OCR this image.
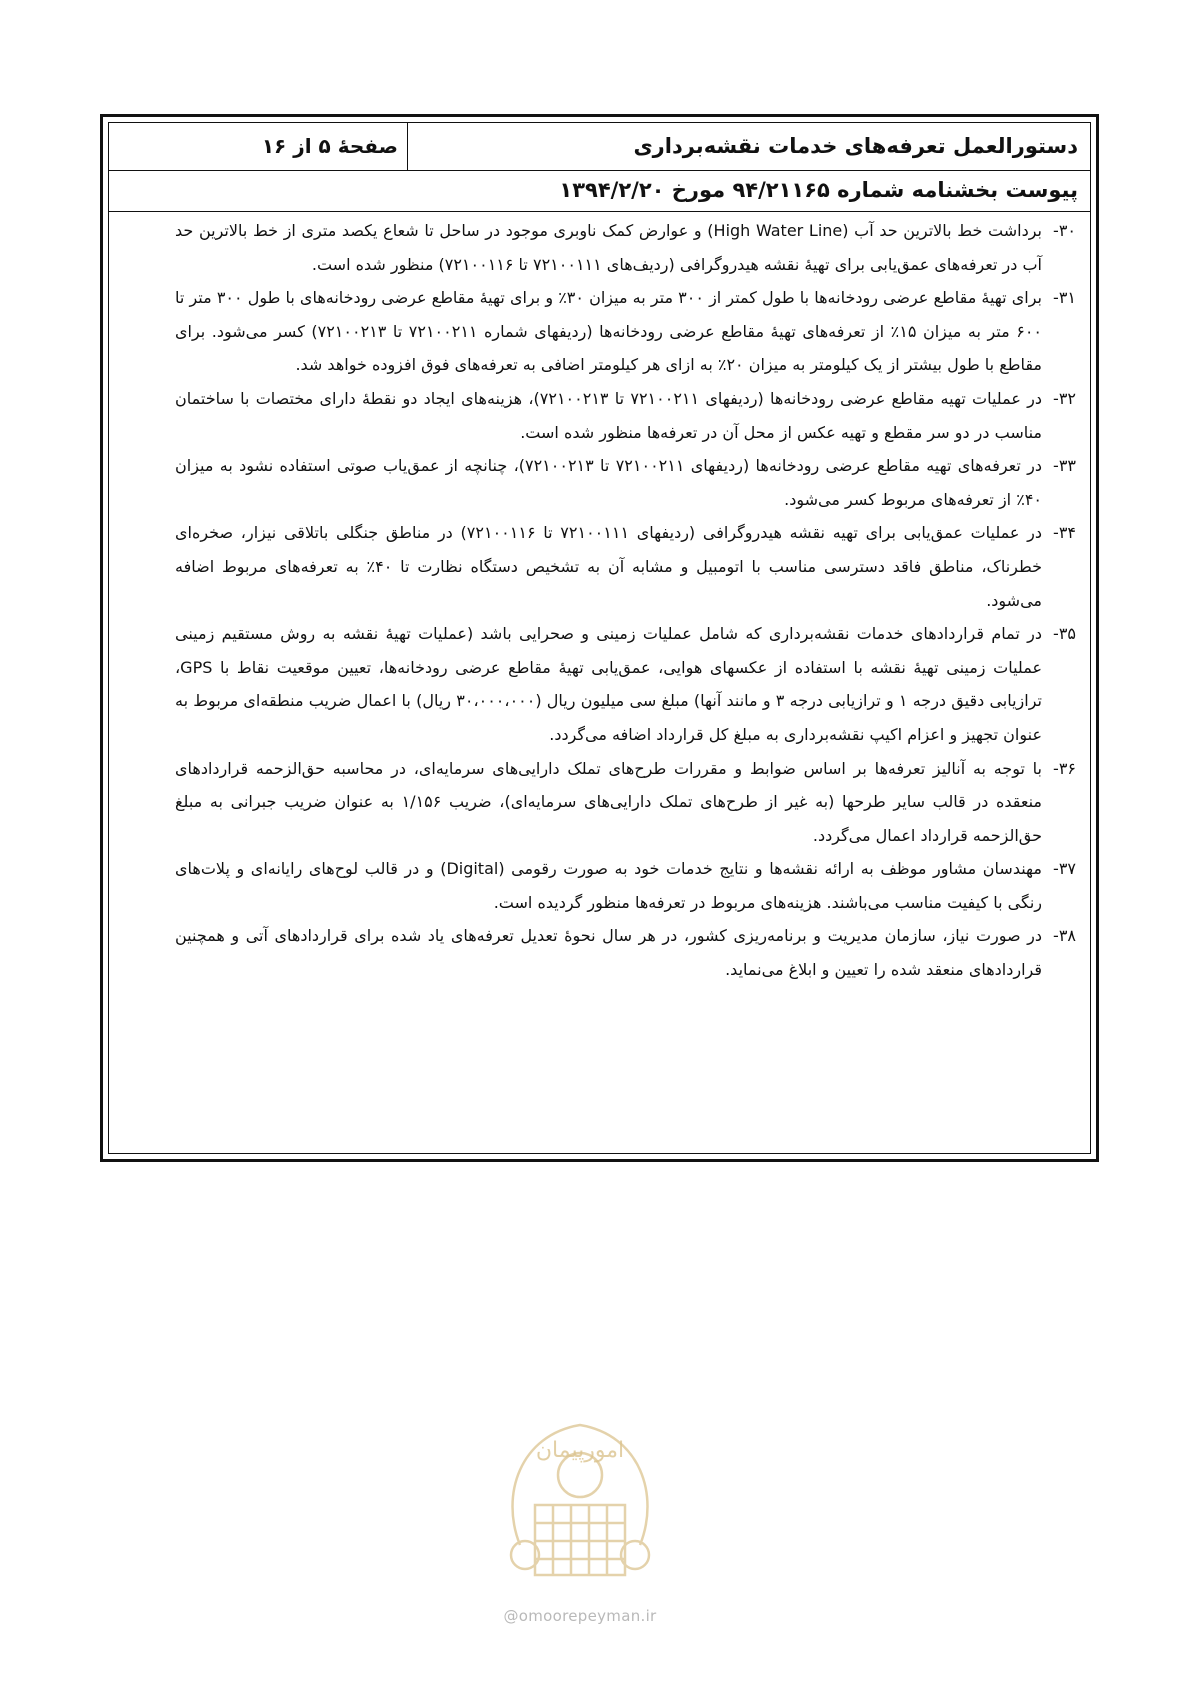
دستورالعمل تعرفه‌های خدمات نقشه‌برداری
صفحهٔ ۵ از ۱۶
پیوست بخشنامه شماره ۹۴/۲۱۱۶۵ مورخ ۱۳۹۴/۲/۲۰
۳۰-
برداشت خط بالاترین حد آب (High Water Line) و عوارض کمک ناوبری موجود در ساحل تا شعاع یکصد متری از خط بالاترین حد آب در تعرفه‌های عمق‌یابی برای تهیهٔ نقشه هیدروگرافی (ردیف‌های ۷۲۱۰۰۱۱۱ تا ۷۲۱۰۰۱۱۶) منظور شده است.
۳۱-
برای تهیهٔ مقاطع عرضی رودخانه‌ها با طول کمتر از ۳۰۰ متر به میزان ۳۰٪ و برای تهیهٔ مقاطع عرضی رودخانه‌های با طول ۳۰۰ متر تا ۶۰۰ متر به میزان ۱۵٪ از تعرفه‌های تهیهٔ مقاطع عرضی رودخانه‌ها (ردیفهای شماره ۷۲۱۰۰۲۱۱ تا ۷۲۱۰۰۲۱۳) کسر می‌شود. برای مقاطع با طول بیشتر از یک کیلومتر به میزان ۲۰٪ به ازای هر کیلومتر اضافی به تعرفه‌های فوق افزوده خواهد شد.
۳۲-
در عملیات تهیه مقاطع عرضی رودخانه‌ها (ردیفهای ۷۲۱۰۰۲۱۱ تا ۷۲۱۰۰۲۱۳)، هزینه‌های ایجاد دو نقطهٔ دارای مختصات با ساختمان مناسب در دو سر مقطع و تهیه عکس از محل آن در تعرفه‌ها منظور شده است.
۳۳-
در تعرفه‌های تهیه مقاطع عرضی رودخانه‌ها (ردیفهای ۷۲۱۰۰۲۱۱ تا ۷۲۱۰۰۲۱۳)، چنانچه از عمق‌یاب صوتی استفاده نشود به میزان ۴۰٪ از تعرفه‌های مربوط کسر می‌شود.
۳۴-
در عملیات عمق‌یابی برای تهیه نقشه هیدروگرافی (ردیفهای ۷۲۱۰۰۱۱۱ تا ۷۲۱۰۰۱۱۶) در مناطق جنگلی باتلاقی نیزار، صخره‌ای خطرناک، مناطق فاقد دسترسی مناسب با اتومبیل و مشابه آن به تشخیص دستگاه نظارت تا ۴۰٪ به تعرفه‌های مربوط اضافه می‌شود.
۳۵-
در تمام قراردادهای خدمات نقشه‌برداری که شامل عملیات زمینی و صحرایی باشد (عملیات تهیهٔ نقشه به روش مستقیم زمینی عملیات زمینی تهیهٔ نقشه با استفاده از عکسهای هوایی، عمق‌یابی تهیهٔ مقاطع عرضی رودخانه‌ها، تعیین موقعیت نقاط با GPS، ترازیابی دقیق درجه ۱ و ترازیابی درجه ۳ و مانند آنها) مبلغ سی میلیون ریال (۳۰،۰۰۰،۰۰۰ ریال) با اعمال ضریب منطقه‌ای مربوط به عنوان تجهیز و اعزام اکیپ نقشه‌برداری به مبلغ کل قرارداد اضافه می‌گردد.
۳۶-
با توجه به آنالیز تعرفه‌ها بر اساس ضوابط و مقررات طرح‌های تملک دارایی‌های سرمایه‌ای، در محاسبه حق‌الزحمه قراردادهای منعقده در قالب سایر طرحها (به غیر از طرح‌های تملک دارایی‌های سرمایه‌ای)، ضریب ۱/۱۵۶ به عنوان ضریب جبرانی به مبلغ حق‌الزحمه قرارداد اعمال می‌گردد.
۳۷-
مهندسان مشاور موظف به ارائه نقشه‌ها و نتایج خدمات خود به صورت رقومی (Digital) و در قالب لوح‌های رایانه‌ای و پلات‌های رنگی با کیفیت مناسب می‌باشند. هزینه‌های مربوط در تعرفه‌ها منظور گردیده است.
۳۸-
در صورت نیاز، سازمان مدیریت و برنامه‌ریزی کشور، در هر سال نحوهٔ تعدیل تعرفه‌های یاد شده برای قراردادهای آتی و همچنین قراردادهای منعقد شده را تعیین و ابلاغ می‌نماید.
امورپیمان
@omoorepeyman.ir
